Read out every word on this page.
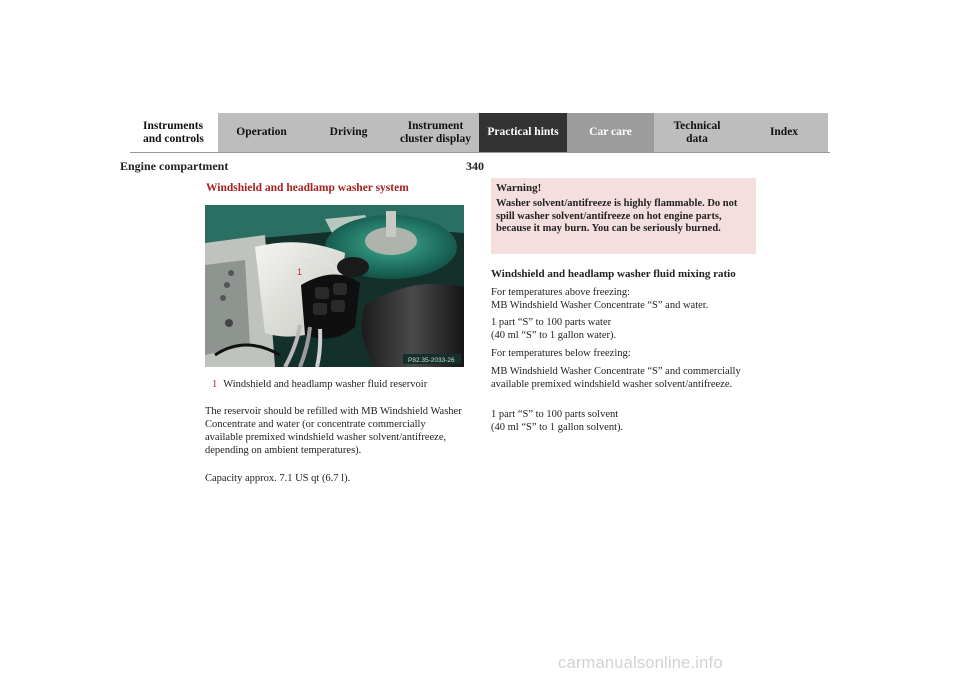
Instruments
and controls
Operation	Driving
Instrument
cluster display
Practical hints	Car care
Technical
data
Index
Engine compartment	340
Windshield and headlamp washer system
1
P82.35-2033-26
1 Windshield and headlamp washer fluid reservoir

The reservoir should be refilled with MB Windshield Washer Concentrate and water (or concentrate commercially available premixed windshield washer solvent/antifreeze, depending on ambient temperatures).

Capacity approx. 7.1 US qt (6.7 l).

Warning!
Washer solvent/antifreeze is highly flammable. Do not spill washer solvent/antifreeze on hot engine parts, because it may burn. You can be seriously burned.

Windshield and headlamp washer fluid mixing ratio

For temperatures above freezing:

MB Windshield Washer Concentrate “S” and water.

1 part “S” to 100 parts water

(40 ml “S” to 1 gallon water).

For temperatures below freezing:

MB Windshield Washer Concentrate “S” and commercially available premixed windshield washer solvent/antifreeze.

1 part “S” to 100 parts solvent

(40 ml “S” to 1 gallon solvent).

carmanualsonline.info
